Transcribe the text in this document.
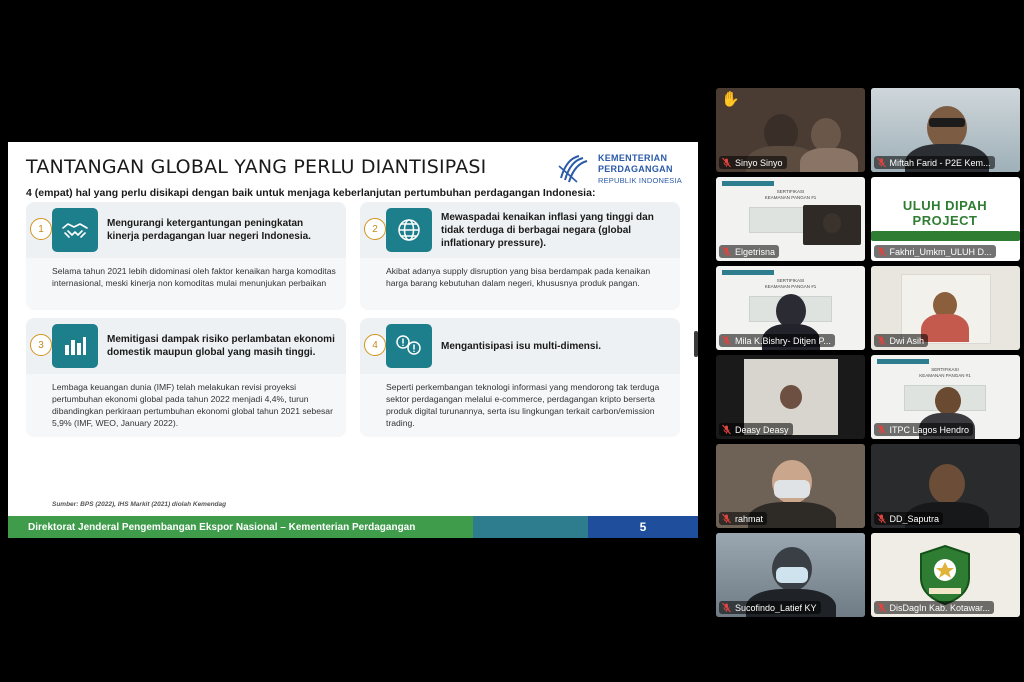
KEMENTERIAN
PERDAGANGAN
REPUBLIK INDONESIA
TANTANGAN GLOBAL YANG PERLU DIANTISIPASI
4 (empat) hal yang perlu disikapi dengan baik untuk menjaga keberlanjutan pertumbuhan perdagangan Indonesia:
1	Mengurangi ketergantungan peningkatan kinerja perdagangan luar negeri Indonesia.
Selama tahun 2021 lebih didominasi oleh faktor kenaikan harga komoditas internasional, meski kinerja non komoditas mulai menunjukan perbaikan
2
Mewaspadai kenaikan inflasi yang tinggi dan tidak terduga di berbagai negara (global inflationary pressure).
Akibat adanya supply disruption yang bisa berdampak pada kenaikan harga barang kebutuhan dalam negeri, khususnya produk pangan.
3	Memitigasi dampak risiko perlambatan ekonomi domestik maupun global yang masih tinggi.
Lembaga keuangan dunia (IMF) telah melakukan revisi proyeksi pertumbuhan ekonomi global pada tahun 2022 menjadi 4,4%, turun dibandingkan perkiraan pertumbuhan ekonomi global tahun 2021 sebesar 5,9% (IMF, WEO, January 2022).
4	Mengantisipasi isu multi-dimensi.
Seperti perkembangan teknologi informasi yang mendorong tak terduga sektor perdagangan melalui e-commerce, perdagangan kripto berserta produk digital turunannya, serta isu lingkungan terkait carbon/emission trading.
Sumber: BPS (2022), IHS Markit (2021) diolah Kemendag
Direktorat Jenderal Pengembangan Ekspor Nasional – Kementerian Perdagangan	5
✋
Sinyo Sinyo	Miftah Farid - P2E Kem...
SERTIFIKASI
KEAMANAN PANGAN #1
Elgetrisna
ULUH DIPAH PROJECT
Fakhri_Umkm_ULUH D...
SERTIFIKASI
KEAMANAN PANGAN #1
Mila K.Bishry- Ditjen P...	Dwi Asih
Deasy Deasy
SERTIFIKASI
KEAMANAN PANGAN #1
ITPC Lagos Hendro
rahmat	DD_Saputra
Sucofindo_Latief KY	DisDagIn Kab. Kotawar...
